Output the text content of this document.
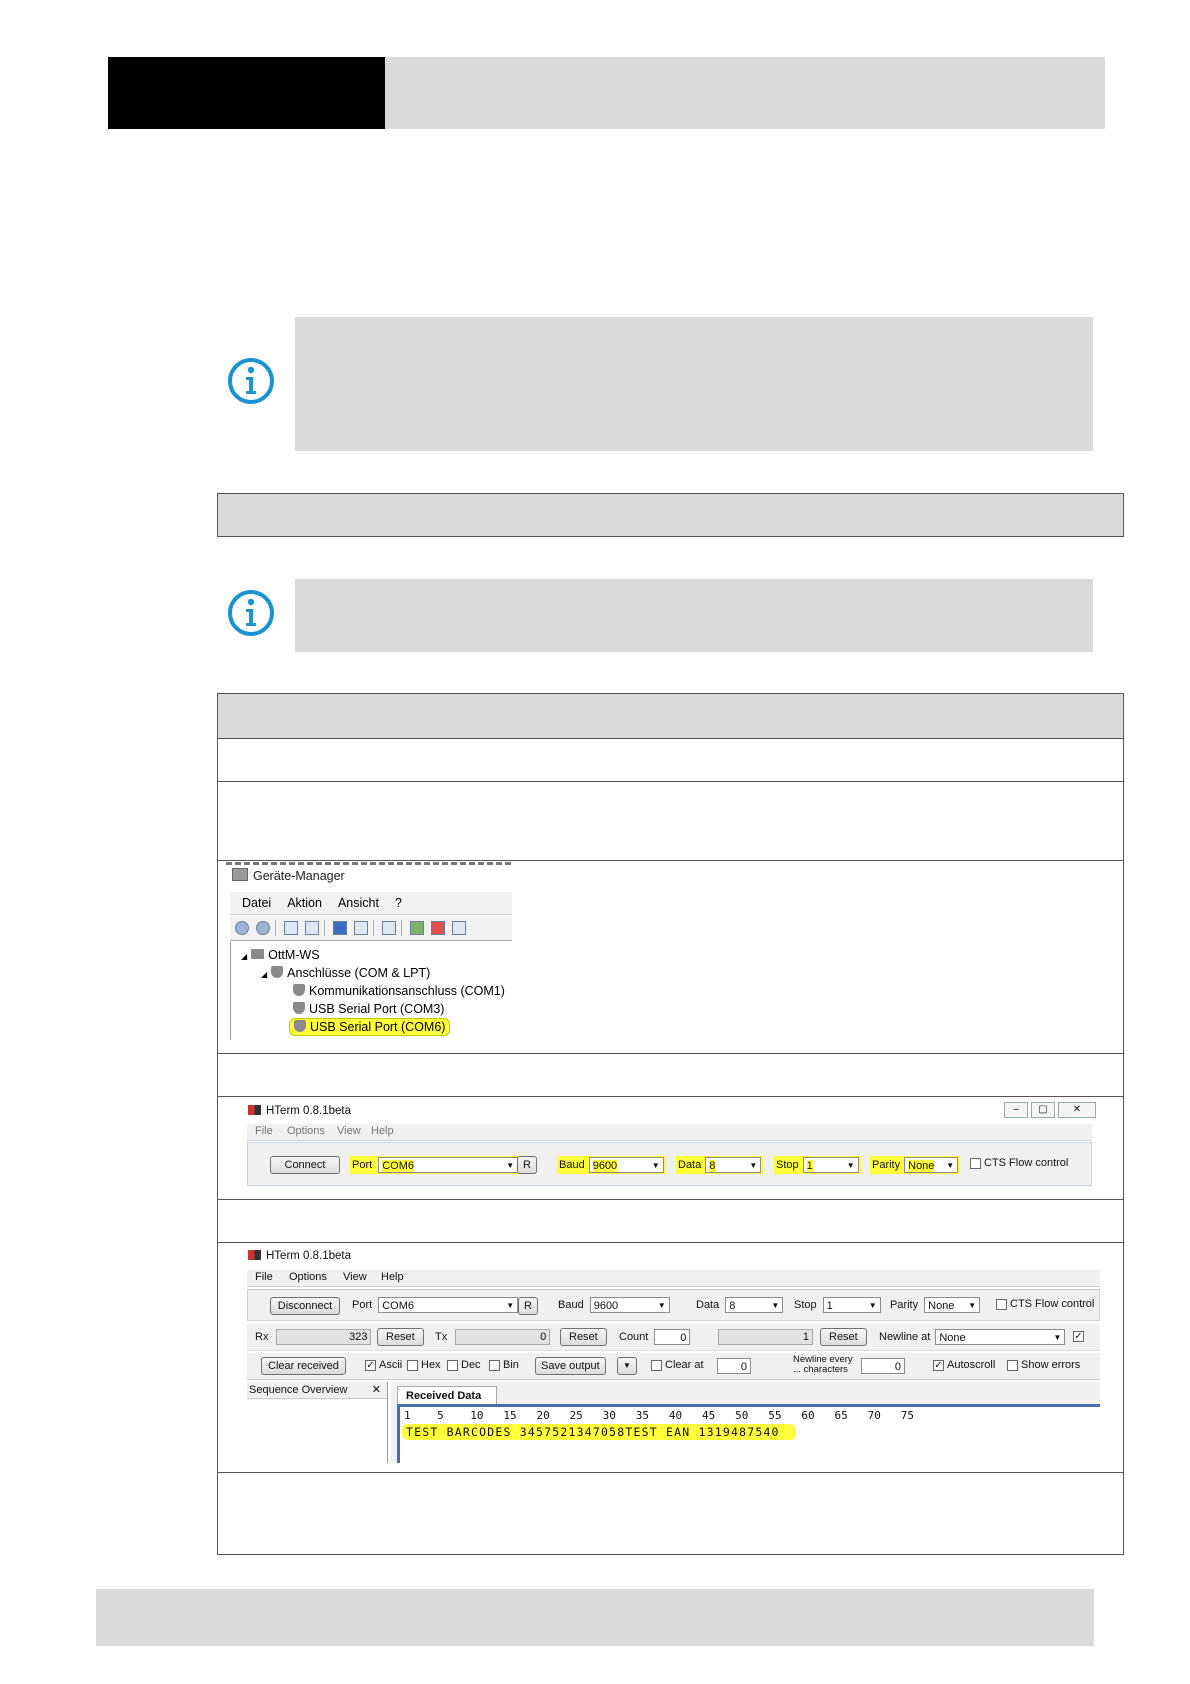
Geräte-Manager
Datei Aktion Ansicht ?
◢ OttM-WS
◢ Anschlüsse (COM & LPT)
Kommunikationsanschluss (COM1)
USB Serial Port (COM3)
USB Serial Port (COM6)
HTerm 0.8.1beta	– ▢	✕
File Options View Help
Connect	Port COM6	▼ R	Baud 9600	▼ Data 8	▼ Stop 1	▼ Parity None ▼	CTS Flow control
HTerm 0.8.1beta
File Options View Help
Disconnect	Port COM6	▼ R	Baud 9600	▼	Data 8	▼ Stop 1	▼ Parity None ▼	CTS Flow control
Rx	323	Reset	Tx	0	Reset	Count	0	1	Reset	Newline at None	▼ ✓
Clear received	✓ Ascii Hex Dec Bin	Save output	▼	Clear at	0
Newline every
... characters	0	✓ Autoscroll Show errors
Sequence Overview ✕	Received Data
1    5    10   15   20   25   30   35   40   45   50   55   60   65   70   75
TEST BARCODES 3457521347058TEST EAN 1319487540
